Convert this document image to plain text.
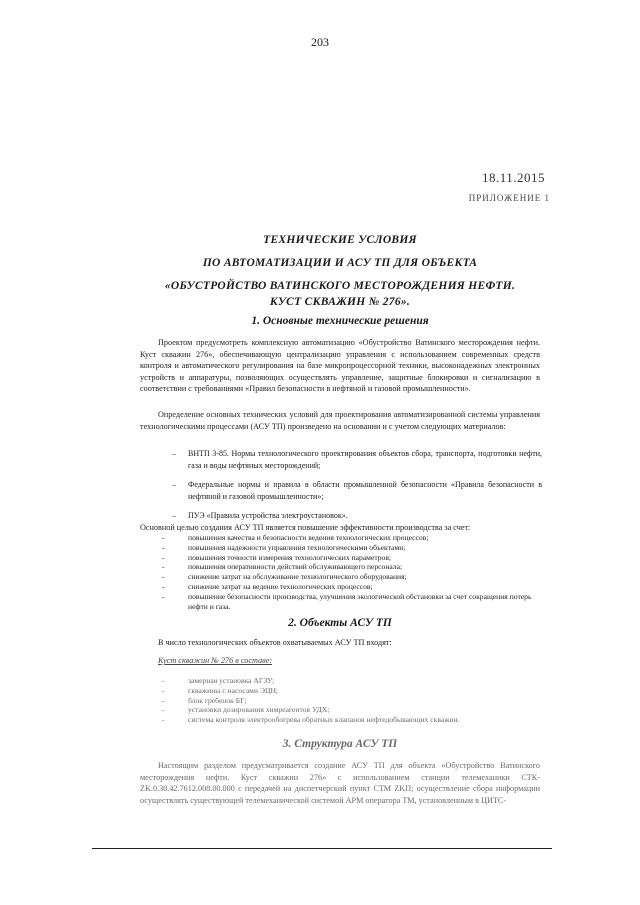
203
18.11.2015
ПРИЛОЖЕНИЕ 1
ТЕХНИЧЕСКИЕ УСЛОВИЯ
ПО АВТОМАТИЗАЦИИ И АСУ ТП ДЛЯ ОБЪЕКТА
«ОБУСТРОЙСТВО ВАТИНСКОГО МЕСТОРОЖДЕНИЯ НЕФТИ.
КУСТ СКВАЖИН № 276».
1. Основные технические решения

Проектом предусмотреть комплексную автоматизацию «Обустройство Ватинского месторождения нефти. Куст скважин 276», обеспечивающую централизацию управления с использованием современных средств контроля и автоматического регулирования на базе микропроцессорной техники, высоконадежных электронных устройств и аппаратуры, позволяющих осуществлять управление, защитные блокировки и сигнализацию в соответствии с требованиями «Правил безопасности в нефтяной и газовой промышленности».

Определение основных технических условий для проектирования автоматизированной системы управления технологическими процессами (АСУ ТП) произведено на основании и с учетом следующих материалов:

– ВНТП 3-85. Нормы технологического проектирования объектов сбора, транспорта, подготовки нефти, газа и воды нефтяных месторождений;
– Федеральные нормы и правила в области промышленной безопасности «Правила безопасности в нефтяной и газовой промышленности»;
– ПУЭ «Правила устройства электроустановок».

Основной целью создания АСУ ТП является повышение эффективности производства за счет:

-	повышения качества и безопасности ведения технологических процессов;
-	повышения надежности управления технологическими объектами;
-	повышения точности измерения технологических параметров;
-	повышения оперативности действий обслуживающего персонала;
-	снижение затрат на обслуживание технологического оборудования;
-	снижение затрат на ведение технологических процессов;
-	повышение безопасности производства, улучшения экологической обстановки за счет сокращения потерь нефти и газа.
2. Объекты АСУ ТП

В число технологических объектов охватываемых АСУ ТП входят:

Куст скважин № 276 в составе:
-	замерная установка АГЗУ;
-	скважины с насосами ЭЦН;
-	блок гребенок БГ;
-	установки дозирования химреагентов УДХ;
-	система контроля электрообогрева обратных клапанов нефтедобывающих скважин.
3. Структура АСУ ТП

Настоящим разделом предусматривается создание АСУ ТП для объекта «Обустройство Ватинского месторождения нефти. Куст скважин 276» с использованием станции телемеханики СТК-ZK.0.30.42.7612.008.00.000 с передачей на диспетчерский пункт СТМ ZKП; осуществление сбора информации осуществлять существующей телемеханической системой АРМ оператора ТМ, установленным в ЦИТС-
